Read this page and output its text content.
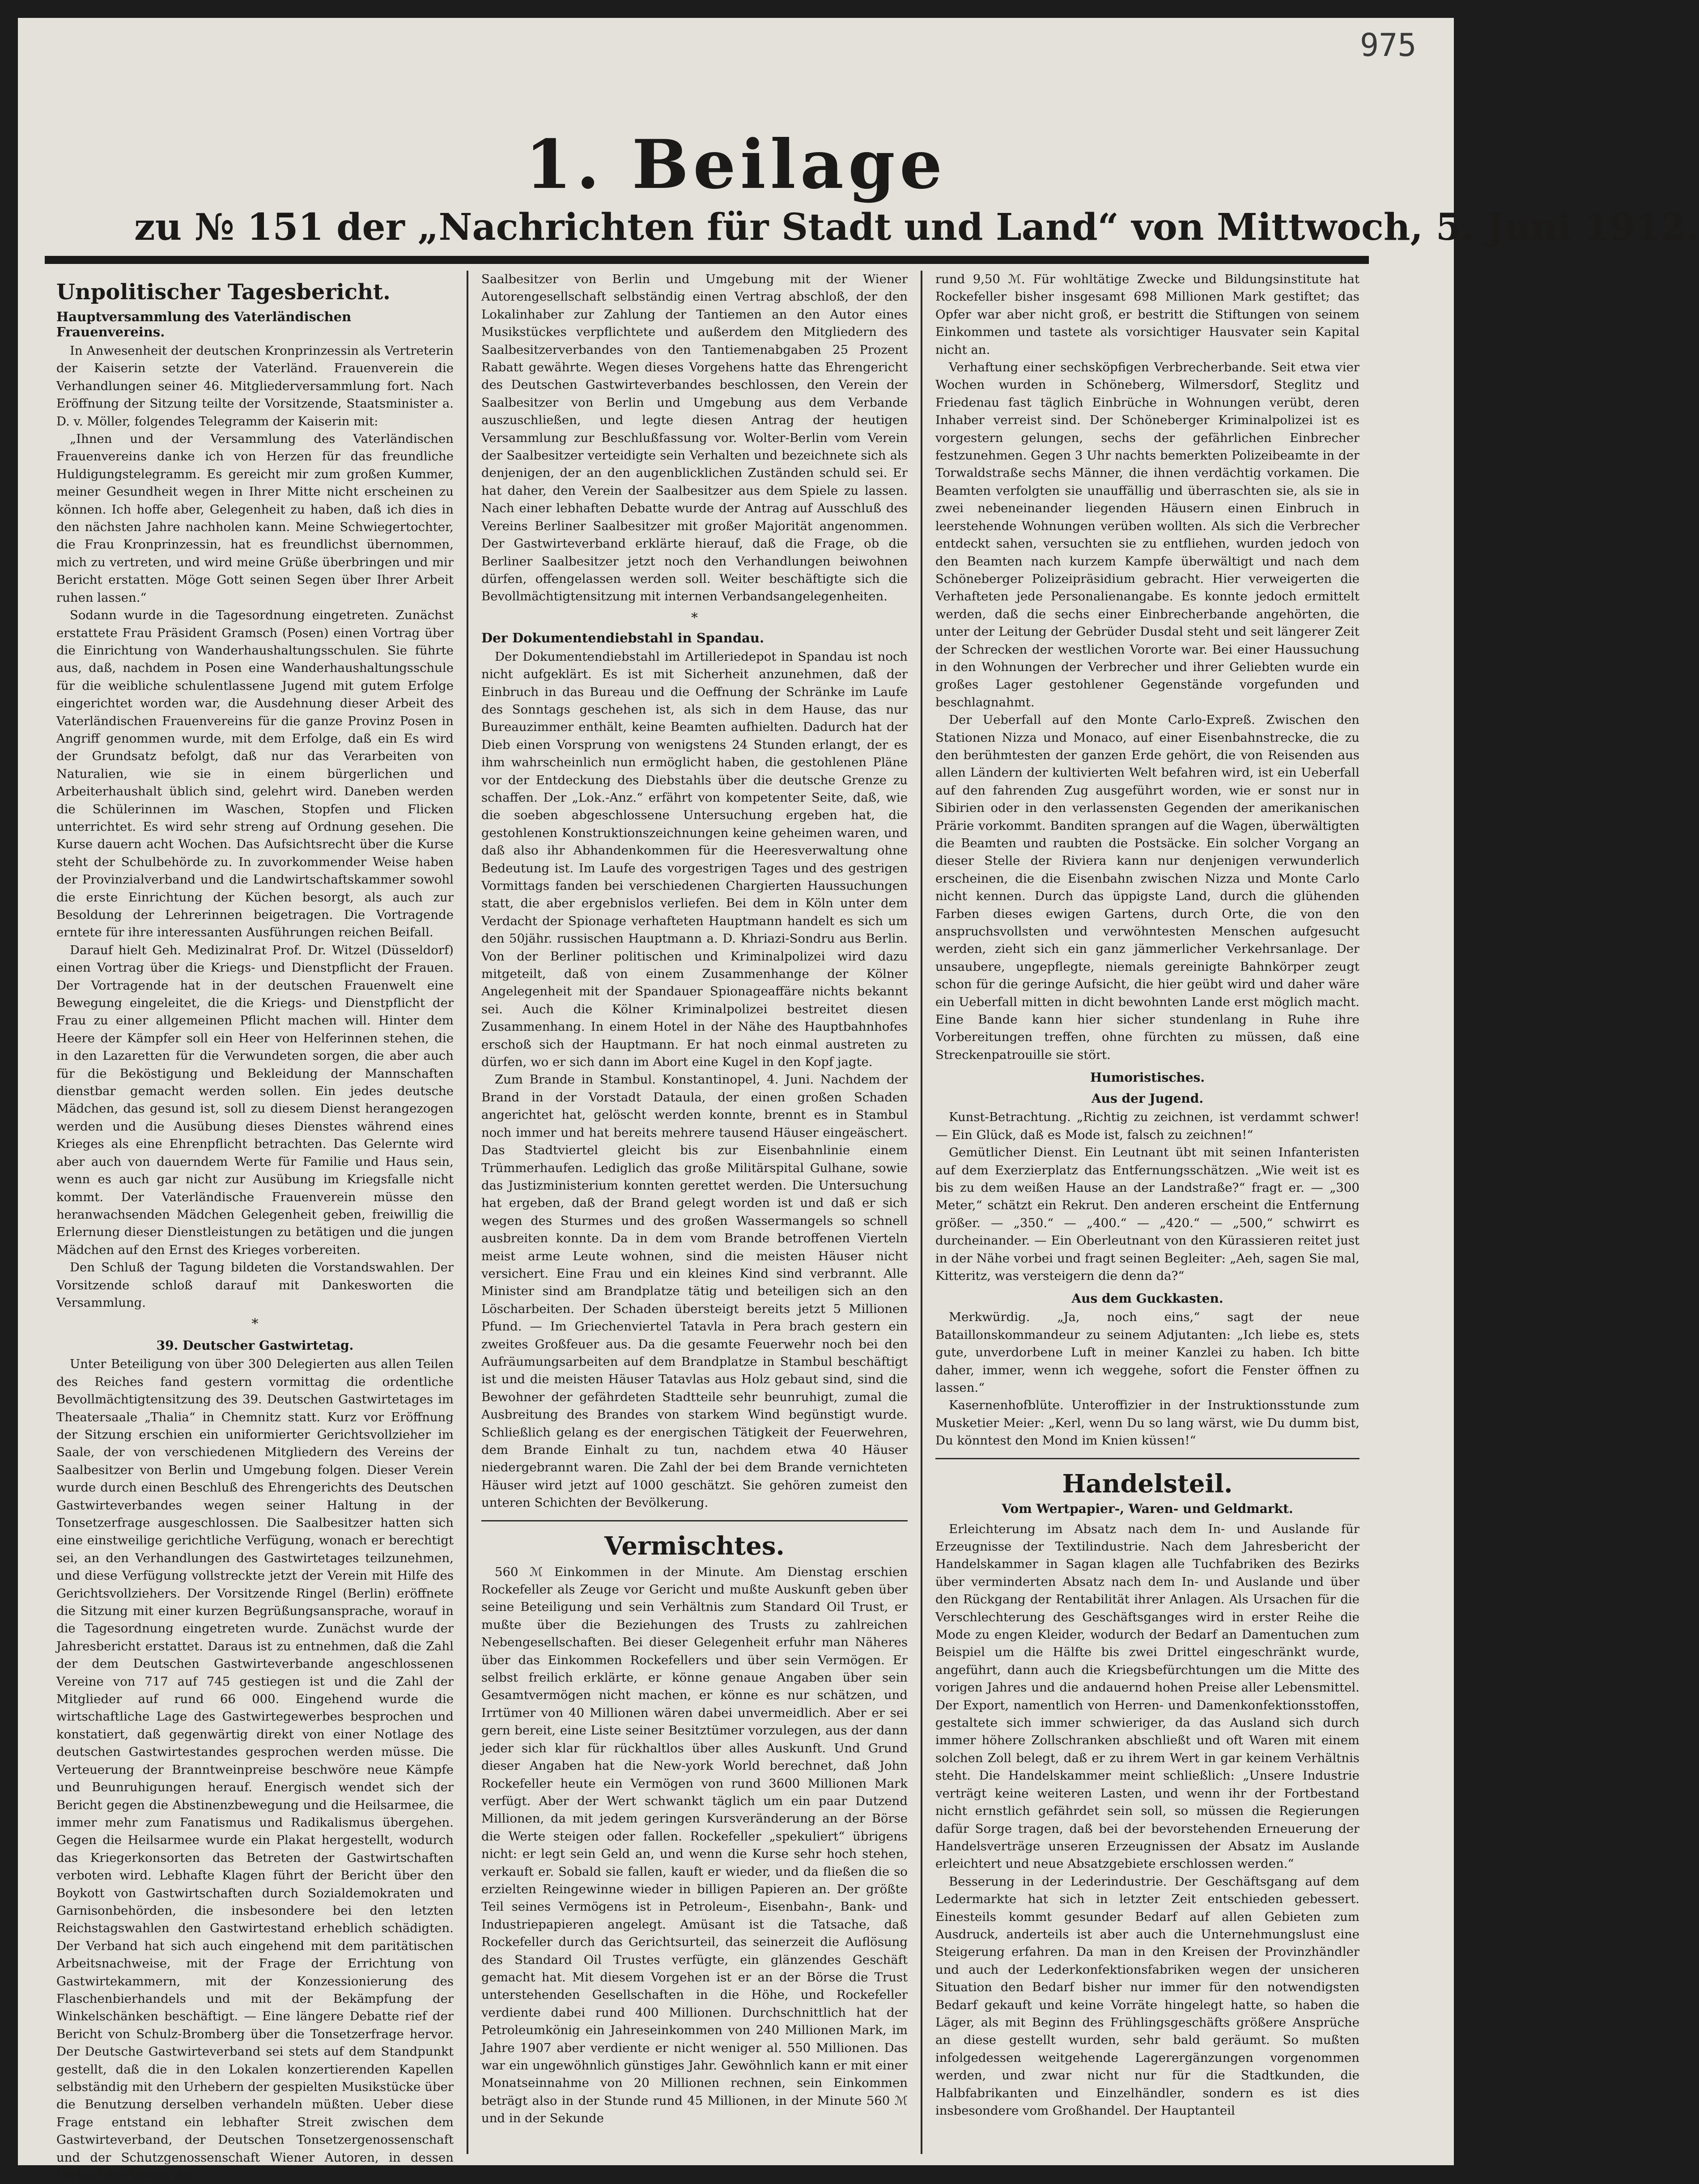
975
1. Beilage
zu № 151 der „Nachrichten für Stadt und Land“ von Mittwoch, 5. Juni 1912.
Unpolitischer Tagesbericht.
Hauptversammlung des Vaterländischen Frauenvereins.

In Anwesenheit der deutschen Kronprinzessin als Vertreterin der Kaiserin setzte der Vaterländ. Frauenverein die Verhandlungen seiner 46. Mitgliederversammlung fort. Nach Eröffnung der Sitzung teilte der Vorsitzende, Staatsminister a. D. v. Möller, folgendes Telegramm der Kaiserin mit:

„Ihnen und der Versammlung des Vaterländischen Frauenvereins danke ich von Herzen für das freundliche Huldigungstelegramm. Es gereicht mir zum großen Kummer, meiner Gesundheit wegen in Ihrer Mitte nicht erscheinen zu können. Ich hoffe aber, Gelegenheit zu haben, daß ich dies in den nächsten Jahre nachholen kann. Meine Schwiegertochter, die Frau Kronprinzessin, hat es freundlichst übernommen, mich zu vertreten, und wird meine Grüße überbringen und mir Bericht erstatten. Möge Gott seinen Segen über Ihrer Arbeit ruhen lassen.“

Sodann wurde in die Tagesordnung eingetreten. Zunächst erstattete Frau Präsident Gramsch (Posen) einen Vortrag über die Einrichtung von Wanderhaushaltungsschulen. Sie führte aus, daß, nachdem in Posen eine Wanderhaushaltungsschule für die weibliche schulentlassene Jugend mit gutem Erfolge eingerichtet worden war, die Ausdehnung dieser Arbeit des Vaterländischen Frauenvereins für die ganze Provinz Posen in Angriff genommen wurde, mit dem Erfolge, daß ein Es wird der Grundsatz befolgt, daß nur das Verarbeiten von Naturalien, wie sie in einem bürgerlichen und Arbeiterhaushalt üblich sind, gelehrt wird. Daneben werden die Schülerinnen im Waschen, Stopfen und Flicken unterrichtet. Es wird sehr streng auf Ordnung gesehen. Die Kurse dauern acht Wochen. Das Aufsichtsrecht über die Kurse steht der Schulbehörde zu. In zuvorkommender Weise haben der Provinzialverband und die Landwirtschaftskammer sowohl die erste Einrichtung der Küchen besorgt, als auch zur Besoldung der Lehrerinnen beigetragen. Die Vortragende erntete für ihre interessanten Ausführungen reichen Beifall.

Darauf hielt Geh. Medizinalrat Prof. Dr. Witzel (Düsseldorf) einen Vortrag über die Kriegs- und Dienstpflicht der Frauen. Der Vortragende hat in der deutschen Frauenwelt eine Bewegung eingeleitet, die die Kriegs- und Dienstpflicht der Frau zu einer allgemeinen Pflicht machen will. Hinter dem Heere der Kämpfer soll ein Heer von Helferinnen stehen, die in den Lazaretten für die Verwundeten sorgen, die aber auch für die Beköstigung und Bekleidung der Mannschaften dienstbar gemacht werden sollen. Ein jedes deutsche Mädchen, das gesund ist, soll zu diesem Dienst herangezogen werden und die Ausübung dieses Dienstes während eines Krieges als eine Ehrenpflicht betrachten. Das Gelernte wird aber auch von dauerndem Werte für Familie und Haus sein, wenn es auch gar nicht zur Ausübung im Kriegsfalle nicht kommt. Der Vaterländische Frauenverein müsse den heranwachsenden Mädchen Gelegenheit geben, freiwillig die Erlernung dieser Dienstleistungen zu betätigen und die jungen Mädchen auf den Ernst des Krieges vorbereiten.

Den Schluß der Tagung bildeten die Vorstandswahlen. Der Vorsitzende schloß darauf mit Dankesworten die Versammlung.

*
39. Deutscher Gastwirtetag.

Unter Beteiligung von über 300 Delegierten aus allen Teilen des Reiches fand gestern vormittag die ordentliche Bevollmächtigtensitzung des 39. Deutschen Gastwirtetages im Theatersaale „Thalia“ in Chemnitz statt. Kurz vor Eröffnung der Sitzung erschien ein uniformierter Gerichtsvollzieher im Saale, der von verschiedenen Mitgliedern des Vereins der Saalbesitzer von Berlin und Umgebung folgen. Dieser Verein wurde durch einen Beschluß des Ehrengerichts des Deutschen Gastwirteverbandes wegen seiner Haltung in der Tonsetzerfrage ausgeschlossen. Die Saalbesitzer hatten sich eine einstweilige gerichtliche Verfügung, wonach er berechtigt sei, an den Verhandlungen des Gastwirtetages teilzunehmen, und diese Verfügung vollstreckte jetzt der Verein mit Hilfe des Gerichtsvollziehers. Der Vorsitzende Ringel (Berlin) eröffnete die Sitzung mit einer kurzen Begrüßungsansprache, worauf in die Tagesordnung eingetreten wurde. Zunächst wurde der Jahresbericht erstattet. Daraus ist zu entnehmen, daß die Zahl der dem Deutschen Gastwirteverbande angeschlossenen Vereine von 717 auf 745 gestiegen ist und die Zahl der Mitglieder auf rund 66 000. Eingehend wurde die wirtschaftliche Lage des Gastwirtegewerbes besprochen und konstatiert, daß gegenwärtig direkt von einer Notlage des deutschen Gastwirtestandes gesprochen werden müsse. Die Verteuerung der Branntweinpreise beschwöre neue Kämpfe und Beunruhigungen herauf. Energisch wendet sich der Bericht gegen die Abstinenzbewegung und die Heilsarmee, die immer mehr zum Fanatismus und Radikalismus übergehen. Gegen die Heilsarmee wurde ein Plakat hergestellt, wodurch das Kriegerkonsorten das Betreten der Gastwirtschaften verboten wird. Lebhafte Klagen führt der Bericht über den Boykott von Gastwirtschaften durch Sozialdemokraten und Garnisonbehörden, die insbesondere bei den letzten Reichstagswahlen den Gastwirtestand erheblich schädigten. Der Verband hat sich auch eingehend mit dem paritätischen Arbeitsnachweise, mit der Frage der Errichtung von Gastwirtekammern, mit der Konzessionierung des Flaschenbierhandels und mit der Bekämpfung der Winkelschänken beschäftigt. — Eine längere Debatte rief der Bericht von Schulz-Bromberg über die Tonsetzerfrage hervor. Der Deutsche Gastwirteverband sei stets auf dem Standpunkt gestellt, daß die in den Lokalen konzertierenden Kapellen selbständig mit den Urhebern der gespielten Musikstücke über die Benutzung derselben verhandeln müßten. Ueber diese Frage entstand ein lebhafter Streit zwischen dem Gastwirteverband, der Deutschen Tonsetzergenossenschaft und der Schutzgenossenschaft Wiener Autoren, in dessen Verlauf der Verein der

Saalbesitzer von Berlin und Umgebung mit der Wiener Autorengesellschaft selbständig einen Vertrag abschloß, der den Lokalinhaber zur Zahlung der Tantiemen an den Autor eines Musikstückes verpflichtete und außerdem den Mitgliedern des Saalbesitzerverbandes von den Tantiemenabgaben 25 Prozent Rabatt gewährte. Wegen dieses Vorgehens hatte das Ehrengericht des Deutschen Gastwirteverbandes beschlossen, den Verein der Saalbesitzer von Berlin und Umgebung aus dem Verbande auszuschließen, und legte diesen Antrag der heutigen Versammlung zur Beschlußfassung vor. Wolter-Berlin vom Verein der Saalbesitzer verteidigte sein Verhalten und bezeichnete sich als denjenigen, der an den augenblicklichen Zuständen schuld sei. Er hat daher, den Verein der Saalbesitzer aus dem Spiele zu lassen. Nach einer lebhaften Debatte wurde der Antrag auf Ausschluß des Vereins Berliner Saalbesitzer mit großer Majorität angenommen. Der Gastwirteverband erklärte hierauf, daß die Frage, ob die Berliner Saalbesitzer jetzt noch den Verhandlungen beiwohnen dürfen, offengelassen werden soll. Weiter beschäftigte sich die Bevollmächtigtensitzung mit internen Verbandsangelegenheiten.

*
Der Dokumentendiebstahl in Spandau.

Der Dokumentendiebstahl im Artilleriedepot in Spandau ist noch nicht aufgeklärt. Es ist mit Sicherheit anzunehmen, daß der Einbruch in das Bureau und die Oeffnung der Schränke im Laufe des Sonntags geschehen ist, als sich in dem Hause, das nur Bureauzimmer enthält, keine Beamten aufhielten. Dadurch hat der Dieb einen Vorsprung von wenigstens 24 Stunden erlangt, der es ihm wahrscheinlich nun ermöglicht haben, die gestohlenen Pläne vor der Entdeckung des Diebstahls über die deutsche Grenze zu schaffen. Der „Lok.-Anz.“ erfährt von kompetenter Seite, daß, wie die soeben abgeschlossene Untersuchung ergeben hat, die gestohlenen Konstruktionszeichnungen keine geheimen waren, und daß also ihr Abhandenkommen für die Heeresverwaltung ohne Bedeutung ist. Im Laufe des vorgestrigen Tages und des gestrigen Vormittags fanden bei verschiedenen Chargierten Haussuchungen statt, die aber ergebnislos verliefen. Bei dem in Köln unter dem Verdacht der Spionage verhafteten Hauptmann handelt es sich um den 50jähr. russischen Hauptmann a. D. Khriazi-Sondru aus Berlin. Von der Berliner politischen und Kriminalpolizei wird dazu mitgeteilt, daß von einem Zusammenhange der Kölner Angelegenheit mit der Spandauer Spionageaffäre nichts bekannt sei. Auch die Kölner Kriminalpolizei bestreitet diesen Zusammenhang. In einem Hotel in der Nähe des Hauptbahnhofes erschoß sich der Hauptmann. Er hat noch einmal austreten zu dürfen, wo er sich dann im Abort eine Kugel in den Kopf jagte.

Zum Brande in Stambul. Konstantinopel, 4. Juni. Nachdem der Brand in der Vorstadt Dataula, der einen großen Schaden angerichtet hat, gelöscht werden konnte, brennt es in Stambul noch immer und hat bereits mehrere tausend Häuser eingeäschert. Das Stadtviertel gleicht bis zur Eisenbahnlinie einem Trümmerhaufen. Lediglich das große Militärspital Gulhane, sowie das Justizministerium konnten gerettet werden. Die Untersuchung hat ergeben, daß der Brand gelegt worden ist und daß er sich wegen des Sturmes und des großen Wassermangels so schnell ausbreiten konnte. Da in dem vom Brande betroffenen Vierteln meist arme Leute wohnen, sind die meisten Häuser nicht versichert. Eine Frau und ein kleines Kind sind verbrannt. Alle Minister sind am Brandplatze tätig und beteiligen sich an den Löscharbeiten. Der Schaden übersteigt bereits jetzt 5 Millionen Pfund. — Im Griechenviertel Tatavla in Pera brach gestern ein zweites Großfeuer aus. Da die gesamte Feuerwehr noch bei den Aufräumungsarbeiten auf dem Brandplatze in Stambul beschäftigt ist und die meisten Häuser Tatavlas aus Holz gebaut sind, sind die Bewohner der gefährdeten Stadtteile sehr beunruhigt, zumal die Ausbreitung des Brandes von starkem Wind begünstigt wurde. Schließlich gelang es der energischen Tätigkeit der Feuerwehren, dem Brande Einhalt zu tun, nachdem etwa 40 Häuser niedergebrannt waren. Die Zahl der bei dem Brande vernichteten Häuser wird jetzt auf 1000 geschätzt. Sie gehören zumeist den unteren Schichten der Bevölkerung.

Vermischtes.

560 ℳ Einkommen in der Minute. Am Dienstag erschien Rockefeller als Zeuge vor Gericht und mußte Auskunft geben über seine Beteiligung und sein Verhältnis zum Standard Oil Trust, er mußte über die Beziehungen des Trusts zu zahlreichen Nebengesellschaften. Bei dieser Gelegenheit erfuhr man Näheres über das Einkommen Rockefellers und über sein Vermögen. Er selbst freilich erklärte, er könne genaue Angaben über sein Gesamtvermögen nicht machen, er könne es nur schätzen, und Irrtümer von 40 Millionen wären dabei unvermeidlich. Aber er sei gern bereit, eine Liste seiner Besitztümer vorzulegen, aus der dann jeder sich klar für rückhaltlos über alles Auskunft. Und Grund dieser Angaben hat die New-york World berechnet, daß John Rockefeller heute ein Vermögen von rund 3600 Millionen Mark verfügt. Aber der Wert schwankt täglich um ein paar Dutzend Millionen, da mit jedem geringen Kursveränderung an der Börse die Werte steigen oder fallen. Rockefeller „spekuliert“ übrigens nicht: er legt sein Geld an, und wenn die Kurse sehr hoch stehen, verkauft er. Sobald sie fallen, kauft er wieder, und da fließen die so erzielten Reingewinne wieder in billigen Papieren an. Der größte Teil seines Vermögens ist in Petroleum-, Eisenbahn-, Bank- und Industriepapieren angelegt. Amüsant ist die Tatsache, daß Rockefeller durch das Gerichtsurteil, das seinerzeit die Auflösung des Standard Oil Trustes verfügte, ein glänzendes Geschäft gemacht hat. Mit diesem Vorgehen ist er an der Börse die Trust unterstehenden Gesellschaften in die Höhe, und Rockefeller verdiente dabei rund 400 Millionen. Durchschnittlich hat der Petroleumkönig ein Jahreseinkommen von 240 Millionen Mark, im Jahre 1907 aber verdiente er nicht weniger al. 550 Millionen. Das war ein ungewöhnlich günstiges Jahr. Gewöhnlich kann er mit einer Monatseinnahme von 20 Millionen rechnen, sein Einkommen beträgt also in der Stunde rund 45 Millionen, in der Minute 560 ℳ und in der Sekunde

rund 9,50 ℳ. Für wohltätige Zwecke und Bildungsinstitute hat Rockefeller bisher insgesamt 698 Millionen Mark gestiftet; das Opfer war aber nicht groß, er bestritt die Stiftungen von seinem Einkommen und tastete als vorsichtiger Hausvater sein Kapital nicht an.

Verhaftung einer sechsköpfigen Verbrecherbande. Seit etwa vier Wochen wurden in Schöneberg, Wilmersdorf, Steglitz und Friedenau fast täglich Einbrüche in Wohnungen verübt, deren Inhaber verreist sind. Der Schöneberger Kriminalpolizei ist es vorgestern gelungen, sechs der gefährlichen Einbrecher festzunehmen. Gegen 3 Uhr nachts bemerkten Polizeibeamte in der Torwaldstraße sechs Männer, die ihnen verdächtig vorkamen. Die Beamten verfolgten sie unauffällig und überraschten sie, als sie in zwei nebeneinander liegenden Häusern einen Einbruch in leerstehende Wohnungen verüben wollten. Als sich die Verbrecher entdeckt sahen, versuchten sie zu entfliehen, wurden jedoch von den Beamten nach kurzem Kampfe überwältigt und nach dem Schöneberger Polizeipräsidium gebracht. Hier verweigerten die Verhafteten jede Personalienangabe. Es konnte jedoch ermittelt werden, daß die sechs einer Einbrecherbande angehörten, die unter der Leitung der Gebrüder Dusdal steht und seit längerer Zeit der Schrecken der westlichen Vororte war. Bei einer Haussuchung in den Wohnungen der Verbrecher und ihrer Geliebten wurde ein großes Lager gestohlener Gegenstände vorgefunden und beschlagnahmt.

Der Ueberfall auf den Monte Carlo-Expreß. Zwischen den Stationen Nizza und Monaco, auf einer Eisenbahnstrecke, die zu den berühmtesten der ganzen Erde gehört, die von Reisenden aus allen Ländern der kultivierten Welt befahren wird, ist ein Ueberfall auf den fahrenden Zug ausgeführt worden, wie er sonst nur in Sibirien oder in den verlassensten Gegenden der amerikanischen Prärie vorkommt. Banditen sprangen auf die Wagen, überwältigten die Beamten und raubten die Postsäcke. Ein solcher Vorgang an dieser Stelle der Riviera kann nur denjenigen verwunderlich erscheinen, die die Eisenbahn zwischen Nizza und Monte Carlo nicht kennen. Durch das üppigste Land, durch die glühenden Farben dieses ewigen Gartens, durch Orte, die von den anspruchsvollsten und verwöhntesten Menschen aufgesucht werden, zieht sich ein ganz jämmerlicher Verkehrsanlage. Der unsaubere, ungepflegte, niemals gereinigte Bahnkörper zeugt schon für die geringe Aufsicht, die hier geübt wird und daher wäre ein Ueberfall mitten in dicht bewohnten Lande erst möglich macht. Eine Bande kann hier sicher stundenlang in Ruhe ihre Vorbereitungen treffen, ohne fürchten zu müssen, daß eine Streckenpatrouille sie stört.

Humoristisches.
Aus der Jugend.

Kunst-Betrachtung. „Richtig zu zeichnen, ist verdammt schwer! — Ein Glück, daß es Mode ist, falsch zu zeichnen!“

Gemütlicher Dienst. Ein Leutnant übt mit seinen Infanteristen auf dem Exerzierplatz das Entfernungsschätzen. „Wie weit ist es bis zu dem weißen Hause an der Landstraße?“ fragt er. — „300 Meter,“ schätzt ein Rekrut. Den anderen erscheint die Entfernung größer. — „350.“ — „400.“ — „420.“ — „500,“ schwirrt es durcheinander. — Ein Oberleutnant von den Kürassieren reitet just in der Nähe vorbei und fragt seinen Begleiter: „Aeh, sagen Sie mal, Kitteritz, was versteigern die denn da?“

Aus dem Guckkasten.

Merkwürdig. „Ja, noch eins,“ sagt der neue Bataillonskommandeur zu seinem Adjutanten: „Ich liebe es, stets gute, unverdorbene Luft in meiner Kanzlei zu haben. Ich bitte daher, immer, wenn ich weggehe, sofort die Fenster öffnen zu lassen.“

Kasernenhofblüte. Unteroffizier in der Instruktionsstunde zum Musketier Meier: „Kerl, wenn Du so lang wärst, wie Du dumm bist, Du könntest den Mond im Knien küssen!“

Handelsteil.
Vom Wertpapier-, Waren- und Geldmarkt.

Erleichterung im Absatz nach dem In- und Auslande für Erzeugnisse der Textilindustrie. Nach dem Jahresbericht der Handelskammer in Sagan klagen alle Tuchfabriken des Bezirks über verminderten Absatz nach dem In- und Auslande und über den Rückgang der Rentabilität ihrer Anlagen. Als Ursachen für die Verschlechterung des Geschäftsganges wird in erster Reihe die Mode zu engen Kleider, wodurch der Bedarf an Damentuchen zum Beispiel um die Hälfte bis zwei Drittel eingeschränkt wurde, angeführt, dann auch die Kriegsbefürchtungen um die Mitte des vorigen Jahres und die andauernd hohen Preise aller Lebensmittel. Der Export, namentlich von Herren- und Damenkonfektionsstoffen, gestaltete sich immer schwieriger, da das Ausland sich durch immer höhere Zollschranken abschließt und oft Waren mit einem solchen Zoll belegt, daß er zu ihrem Wert in gar keinem Verhältnis steht. Die Handelskammer meint schließlich: „Unsere Industrie verträgt keine weiteren Lasten, und wenn ihr der Fortbestand nicht ernstlich gefährdet sein soll, so müssen die Regierungen dafür Sorge tragen, daß bei der bevorstehenden Erneuerung der Handelsverträge unseren Erzeugnissen der Absatz im Auslande erleichtert und neue Absatzgebiete erschlossen werden.“

Besserung in der Lederindustrie. Der Geschäftsgang auf dem Ledermarkte hat sich in letzter Zeit entschieden gebessert. Einesteils kommt gesunder Bedarf auf allen Gebieten zum Ausdruck, anderteils ist aber auch die Unternehmungslust eine Steigerung erfahren. Da man in den Kreisen der Provinzhändler und auch der Lederkonfektionsfabriken wegen der unsicheren Situation den Bedarf bisher nur immer für den notwendigsten Bedarf gekauft und keine Vorräte hingelegt hatte, so haben die Läger, als mit Beginn des Frühlingsgeschäfts größere Ansprüche an diese gestellt wurden, sehr bald geräumt. So mußten infolgedessen weitgehende Lagerergänzungen vorgenommen werden, und zwar nicht nur für die Stadtkunden, die Halbfabrikanten und Einzelhändler, sondern es ist dies insbesondere vom Großhandel. Der Hauptanteil
